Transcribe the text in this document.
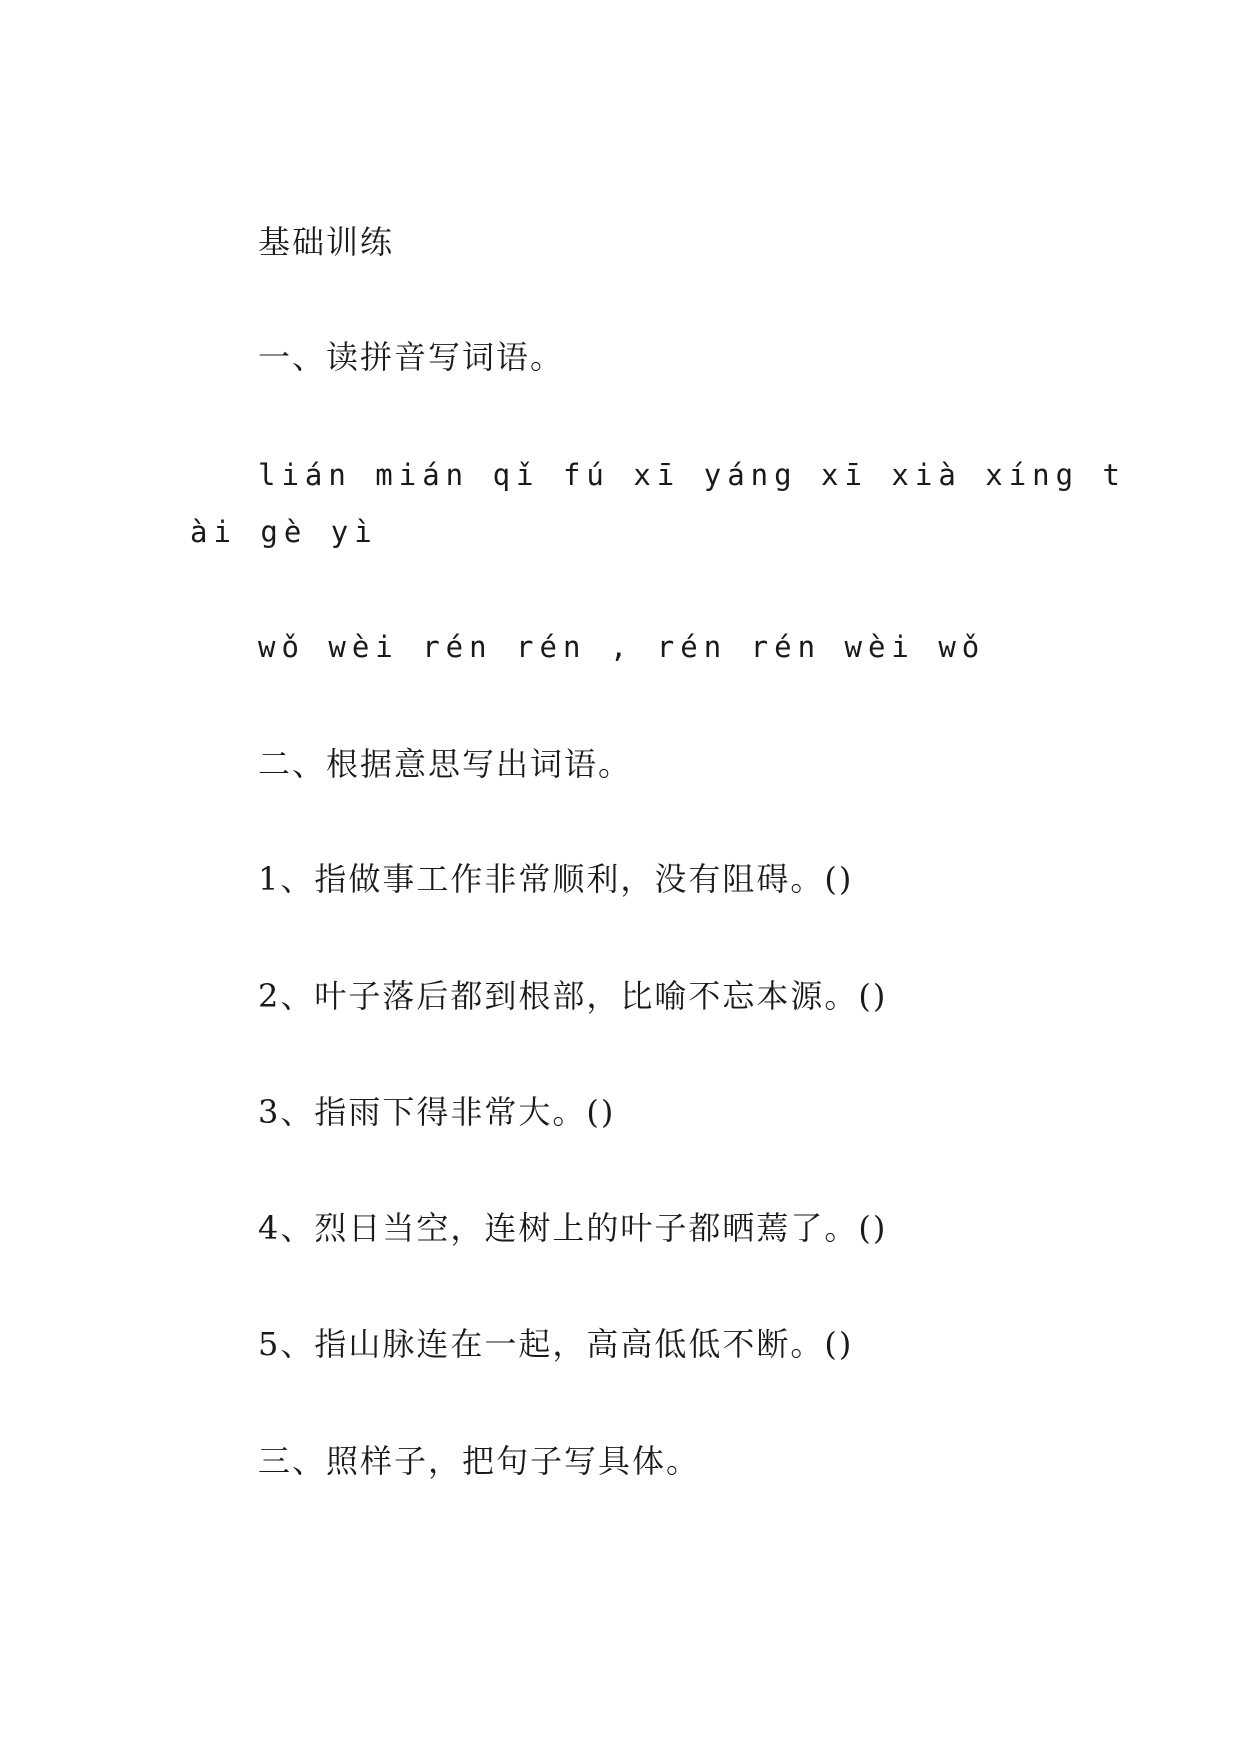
基础训练
一、读拼音写词语。
lián mián qǐ fú xī yáng xī xià xíng t
ài gè yì
wǒ wèi rén rén , rén rén wèi wǒ
二、根据意思写出词语。
1、指做事工作非常顺利，没有阻碍。()
2、叶子落后都到根部，比喻不忘本源。()
3、指雨下得非常大。()
4、烈日当空，连树上的叶子都晒蔫了。()
5、指山脉连在一起，高高低低不断。()
三、照样子，把句子写具体。
